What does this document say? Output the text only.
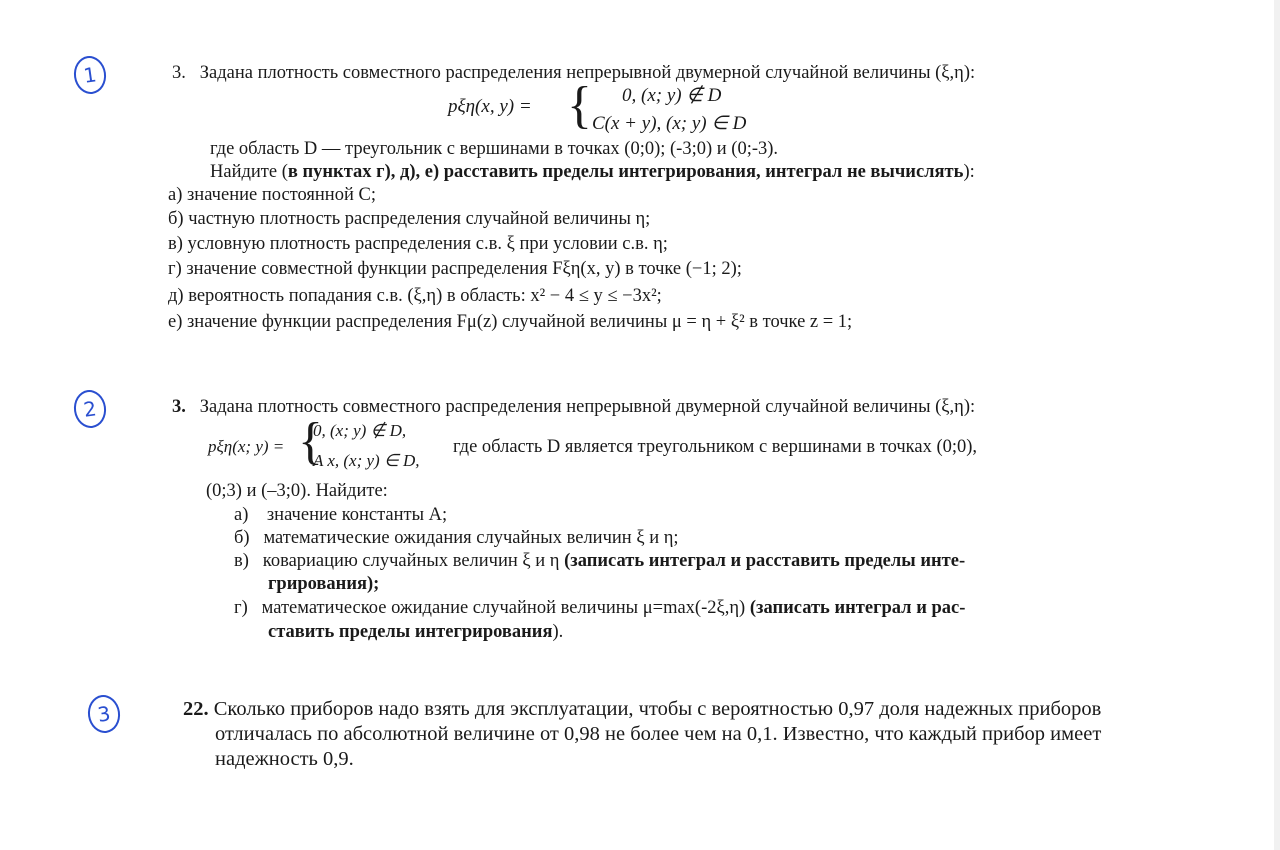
1
2
3
3. Задана плотность совместного распределения непрерывной двумерной случайной величины (ξ,η):
pξη(x, y) = { 0, (x; y) ∉ D
C(x + y), (x; y) ∈ D
где область D — треугольник с вершинами в точках (0;0); (-3;0) и (0;-3).
Найдите (в пунктах г), д), е) расставить пределы интегрирования, интеграл не вычислять):
а) значение постоянной C;
б) частную плотность распределения случайной величины η;
в) условную плотность распределения с.в. ξ при условии с.в. η;
г) значение совместной функции распределения Fξη(x, y) в точке (−1; 2);
д) вероятность попадания с.в. (ξ,η) в область: x² − 4 ≤ y ≤ −3x²;
е) значение функции распределения Fμ(z) случайной величины μ = η + ξ² в точке z = 1;
3. Задана плотность совместного распределения непрерывной двумерной случайной величины (ξ,η):
pξη(x; y) = {
0, (x; y) ∉ D,
A x, (x; y) ∈ D,
где область D является треугольником с вершинами в точках (0;0),
(0;3) и (–3;0). Найдите:
а)    значение константы A;
б) математические ожидания случайных величин ξ и η;
в) ковариацию случайных величин ξ и η (записать интеграл и расставить пределы инте-
грирования);
г) математическое ожидание случайной величины μ=max(-2ξ,η) (записать интеграл и рас-
ставить пределы интегрирования).
22. Сколько приборов надо взять для эксплуатации, чтобы с вероятностью 0,97 доля надежных приборов
отличалась по абсолютной величине от 0,98 не более чем на 0,1. Известно, что каждый прибор имеет
надежность 0,9.
